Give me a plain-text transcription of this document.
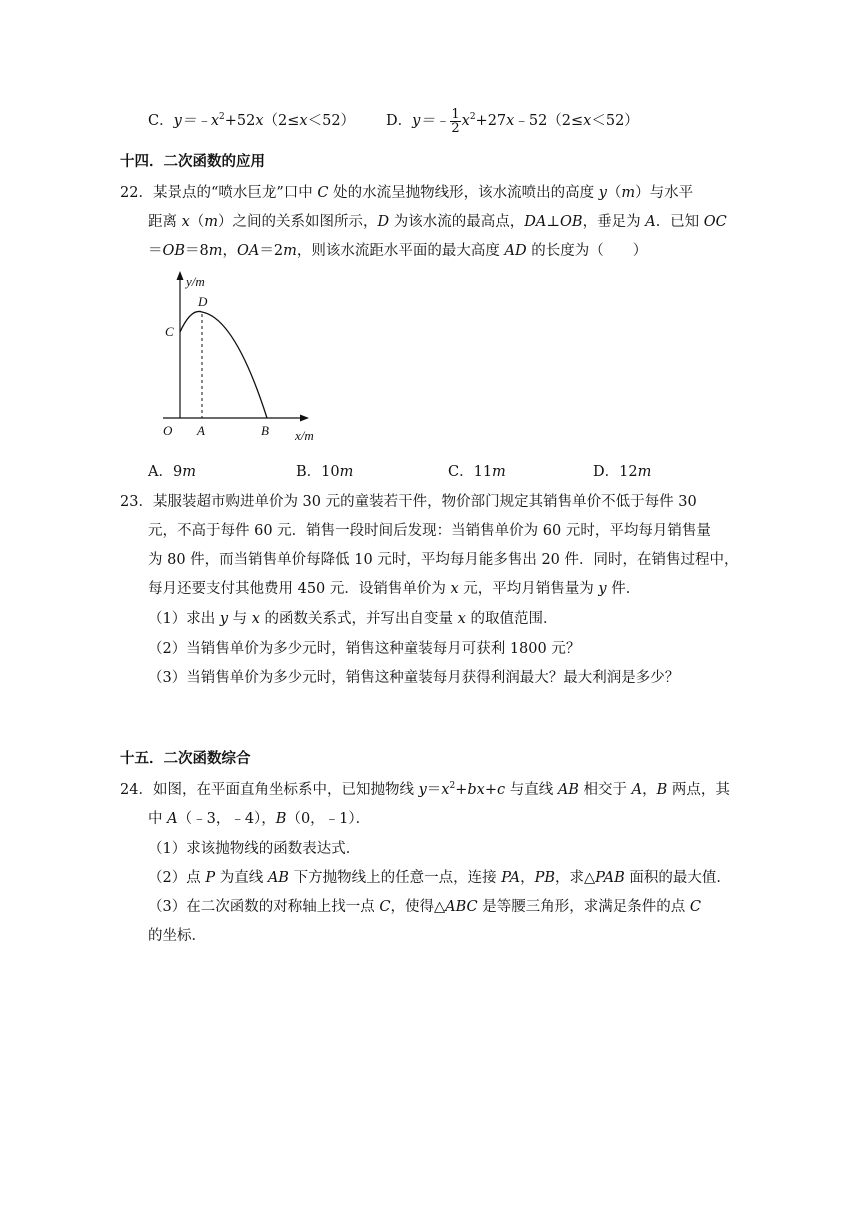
C．$y=﹣x^2+52x(2\le x<52)$ D．y＝﹣ $\frac{1}{2}$ $x^2+27x﹣52(2\le x<52)$
十四．二次函数的应用
22．某景点的“喷水巨龙”口中 C 处的水流呈抛物线形，该水流喷出的高度 y（m）与水平
距离 x（m）之间的关系如图所示，D 为该水流的最高点，DA⊥OB，垂足为 A．已知 OC
＝OB＝8m，OA＝2m，则该水流距水平面的最大高度 AD 的长度为（　　）
y/m
x/m
O A	B
C
D
A．9m	B．10m	C．11m	D．12m
23．某服装超市购进单价为 30 元的童装若干件，物价部门规定其销售单价不低于每件 30
元，不高于每件 60 元．销售一段时间后发现：当销售单价为 60 元时，平均每月销售量
为 80 件，而当销售单价每降低 10 元时，平均每月能多售出 20 件．同时，在销售过程中，
每月还要支付其他费用 450 元．设销售单价为 x 元，平均月销售量为 y 件．
（1）求出 y 与 x 的函数关系式，并写出自变量 x 的取值范围．
（2）当销售单价为多少元时，销售这种童装每月可获利 1800 元？
（3）当销售单价为多少元时，销售这种童装每月获得利润最大？最大利润是多少？
十五．二次函数综合
24．如图，在平面直角坐标系中，已知抛物线 $y=x^2+bx+c$ 与直线 AB 相交于 A，B 两点，其
中 A（﹣3，﹣4），B（0，﹣1）．
（1）求该抛物线的函数表达式．
（2）点 P 为直线 AB 下方抛物线上的任意一点，连接 PA，PB，求△PAB 面积的最大值．
（3）在二次函数的对称轴上找一点 C，使得△ABC 是等腰三角形，求满足条件的点 C
的坐标．
